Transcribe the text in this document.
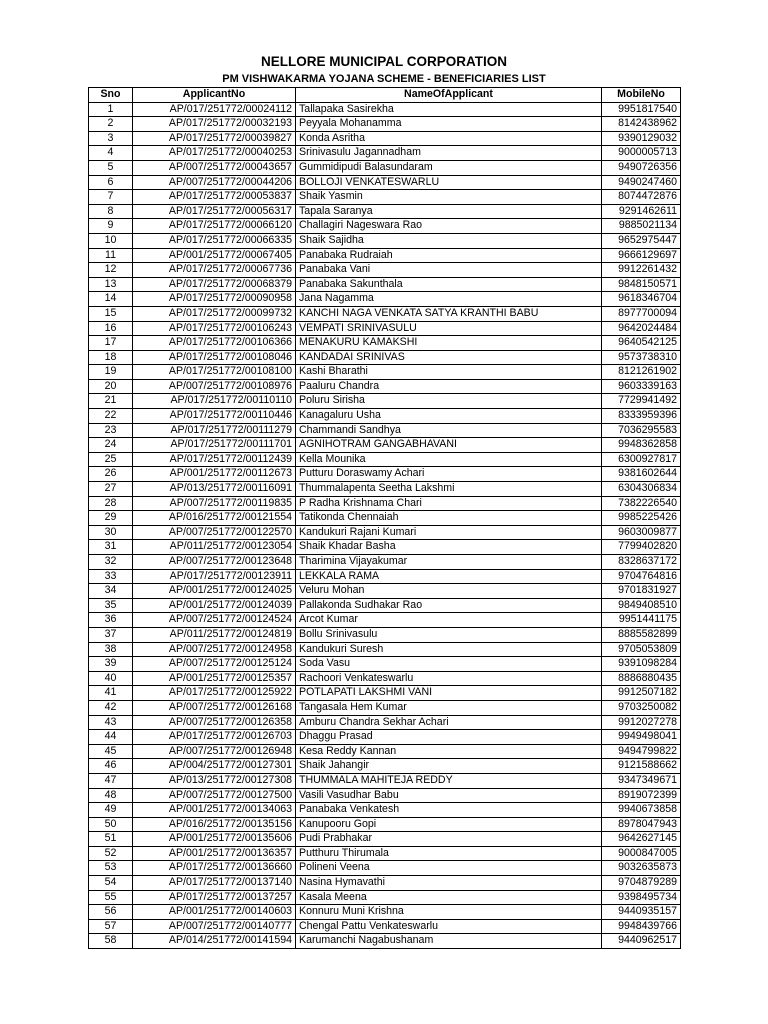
NELLORE MUNICIPAL CORPORATION
PM VISHWAKARMA YOJANA SCHEME - BENEFICIARIES LIST
Sno	ApplicantNo	NameOfApplicant	MobileNo
1	AP/017/251772/00024112	Tallapaka Sasirekha	9951817540
2	AP/017/251772/00032193	Peyyala Mohanamma	8142438962
3	AP/017/251772/00039827	Konda Asritha	9390129032
4	AP/017/251772/00040253	Srinivasulu Jagannadham	9000005713
5	AP/007/251772/00043657	Gummidipudi Balasundaram	9490726356
6	AP/007/251772/00044206	BOLLOJI VENKATESWARLU	9490247460
7	AP/017/251772/00053837	Shaik Yasmin	8074472876
8	AP/017/251772/00056317	Tapala Saranya	9291462611
9	AP/017/251772/00066120	Challagiri Nageswara Rao	9885021134
10	AP/017/251772/00066335	Shaik Sajidha	9652975447
11	AP/001/251772/00067405	Panabaka Rudraiah	9666129697
12	AP/017/251772/00067736	Panabaka Vani	9912261432
13	AP/017/251772/00068379	Panabaka Sakunthala	9848150571
14	AP/017/251772/00090958	Jana Nagamma	9618346704
15	AP/017/251772/00099732	KANCHI NAGA VENKATA SATYA KRANTHI BABU	8977700094
16	AP/017/251772/00106243	VEMPATI SRINIVASULU	9642024484
17	AP/017/251772/00106366	MENAKURU KAMAKSHI	9640542125
18	AP/017/251772/00108046	KANDADAI SRINIVAS	9573738310
19	AP/017/251772/00108100	Kashi Bharathi	8121261902
20	AP/007/251772/00108976	Paaluru Chandra	9603339163
21	AP/017/251772/00110110	Poluru Sirisha	7729941492
22	AP/017/251772/00110446	Kanagaluru Usha	8333959396
23	AP/017/251772/00111279	Chammandi Sandhya	7036295583
24	AP/017/251772/00111701	AGNIHOTRAM GANGABHAVANI	9948362858
25	AP/017/251772/00112439	Kella Mounika	6300927817
26	AP/001/251772/00112673	Putturu Doraswamy Achari	9381602644
27	AP/013/251772/00116091	Thummalapenta Seetha Lakshmi	6304306834
28	AP/007/251772/00119835	P Radha Krishnama Chari	7382226540
29	AP/016/251772/00121554	Tatikonda Chennaiah	9985225426
30	AP/007/251772/00122570	Kandukuri Rajani Kumari	9603009877
31	AP/011/251772/00123054	Shaik Khadar Basha	7799402820
32	AP/007/251772/00123648	Tharimina Vijayakumar	8328637172
33	AP/017/251772/00123911	LEKKALA RAMA	9704764816
34	AP/001/251772/00124025	Veluru Mohan	9701831927
35	AP/001/251772/00124039	Pallakonda Sudhakar Rao	9849408510
36	AP/007/251772/00124524	Arcot Kumar	9951441175
37	AP/011/251772/00124819	Bollu Srinivasulu	8885582899
38	AP/007/251772/00124958	Kandukuri Suresh	9705053809
39	AP/007/251772/00125124	Soda Vasu	9391098284
40	AP/001/251772/00125357	Rachoori Venkateswarlu	8886880435
41	AP/017/251772/00125922	POTLAPATI LAKSHMI VANI	9912507182
42	AP/007/251772/00126168	Tangasala Hem Kumar	9703250082
43	AP/007/251772/00126358	Amburu Chandra Sekhar Achari	9912027278
44	AP/017/251772/00126703	Dhaggu Prasad	9949498041
45	AP/007/251772/00126948	Kesa Reddy Kannan	9494799822
46	AP/004/251772/00127301	Shaik Jahangir	9121588662
47	AP/013/251772/00127308	THUMMALA MAHITEJA REDDY	9347349671
48	AP/007/251772/00127500	Vasili Vasudhar Babu	8919072399
49	AP/001/251772/00134063	Panabaka Venkatesh	9940673858
50	AP/016/251772/00135156	Kanupooru Gopi	8978047943
51	AP/001/251772/00135606	Pudi Prabhakar	9642627145
52	AP/001/251772/00136357	Putthuru Thirumala	9000847005
53	AP/017/251772/00136660	Polineni Veena	9032635873
54	AP/017/251772/00137140	Nasina Hymavathi	9704879289
55	AP/017/251772/00137257	Kasala Meena	9398495734
56	AP/001/251772/00140603	Konnuru Muni Krishna	9440935157
57	AP/007/251772/00140777	Chengal Pattu Venkateswarlu	9948439766
58	AP/014/251772/00141594	Karumanchi Nagabushanam	9440962517
